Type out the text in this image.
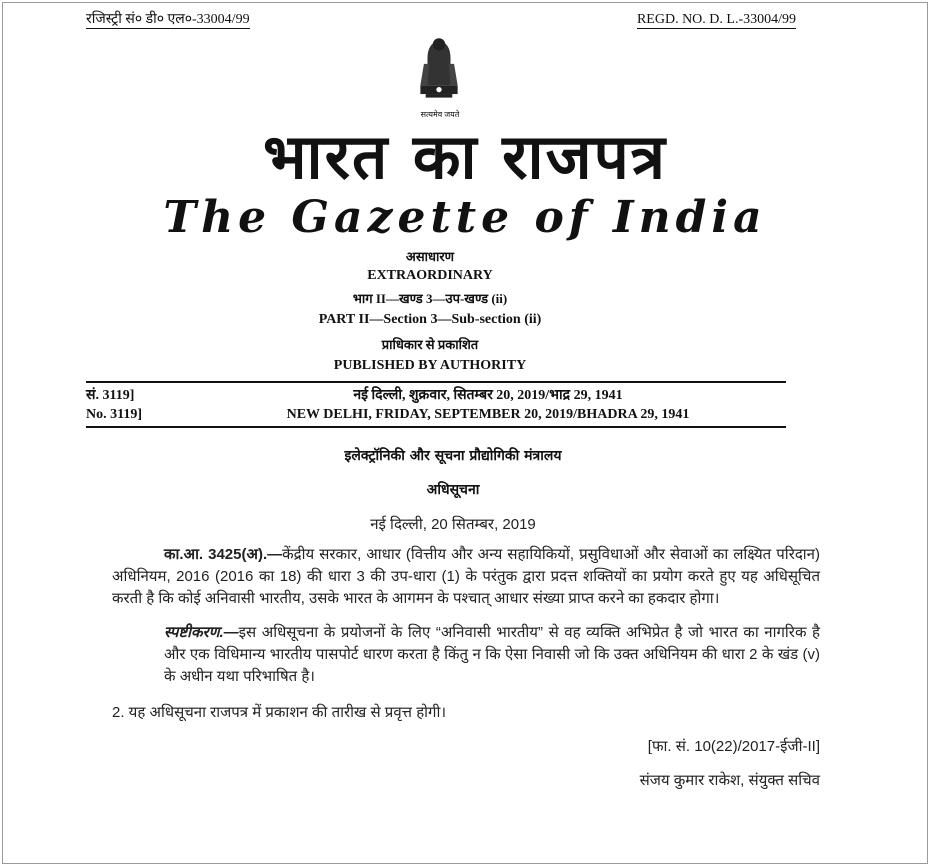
रजिस्ट्री सं० डी० एल०-33004/99	REGD. NO. D. L.-33004/99
सत्यमेव जयते
भारत का राजपत्र
The Gazette of India
असाधारण
EXTRAORDINARY
भाग II—खण्ड 3—उप-खण्ड (ii)
PART II—Section 3—Sub-section (ii)
प्राधिकार से प्रकाशित
PUBLISHED BY AUTHORITY
सं. 3119]	नई दिल्ली, शुक्रवार, सितम्बर 20, 2019/भाद्र 29, 1941
No. 3119]	NEW DELHI, FRIDAY, SEPTEMBER 20, 2019/BHADRA 29, 1941
इलेक्ट्रॉनिकी और सूचना प्रौद्योगिकी मंत्रालय
अधिसूचना
नई दिल्ली, 20 सितम्बर, 2019
का.आ. 3425(अ).—केंद्रीय सरकार, आधार (वित्तीय और अन्य सहायिकियों, प्रसुविधाओं और सेवाओं का लक्ष्यित परिदान) अधिनियम, 2016 (2016 का 18) की धारा 3 की उप-धारा (1) के परंतुक द्वारा प्रदत्त शक्तियों का प्रयोग करते हुए यह अधिसूचित करती है कि कोई अनिवासी भारतीय, उसके भारत के आगमन के पश्चात् आधार संख्या प्राप्त करने का हकदार होगा।
स्पष्टीकरण.—इस अधिसूचना के प्रयोजनों के लिए “अनिवासी भारतीय” से वह व्यक्ति अभिप्रेत है जो भारत का नागरिक है और एक विधिमान्य भारतीय पासपोर्ट धारण करता है किंतु न कि ऐसा निवासी जो कि उक्त अधिनियम की धारा 2 के खंड (v) के अधीन यथा परिभाषित है।
2. यह अधिसूचना राजपत्र में प्रकाशन की तारीख से प्रवृत्त होगी।
[फा. सं. 10(22)/2017-ईजी-II]
संजय कुमार राकेश, संयुक्त सचिव
